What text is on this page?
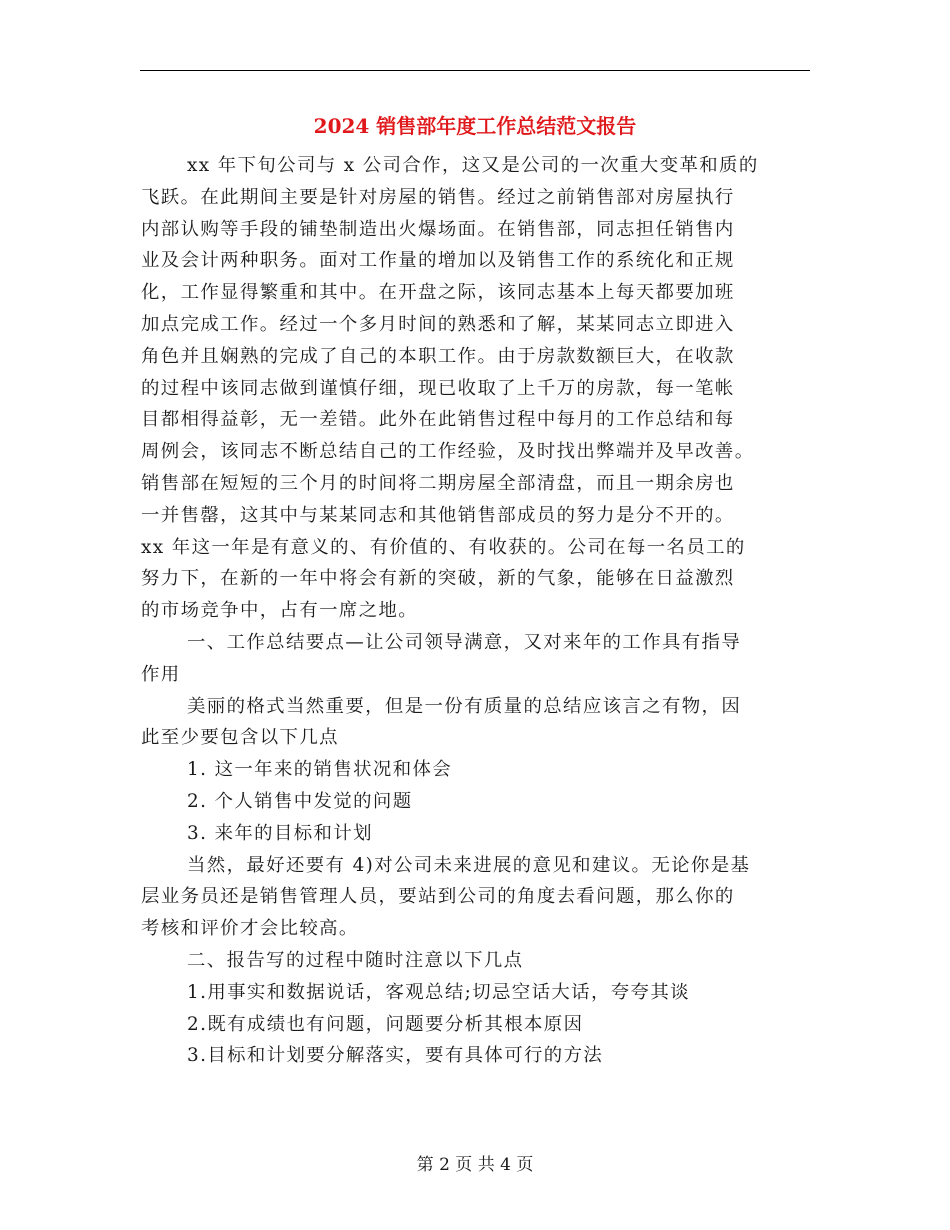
2024 销售部年度工作总结范文报告
xx 年下旬公司与 x 公司合作，这又是公司的一次重大变革和质的
飞跃。在此期间主要是针对房屋的销售。经过之前销售部对房屋执行
内部认购等手段的铺垫制造出火爆场面。在销售部，同志担任销售内
业及会计两种职务。面对工作量的增加以及销售工作的系统化和正规
化，工作显得繁重和其中。在开盘之际，该同志基本上每天都要加班
加点完成工作。经过一个多月时间的熟悉和了解，某某同志立即进入
角色并且娴熟的完成了自己的本职工作。由于房款数额巨大，在收款
的过程中该同志做到谨慎仔细，现已收取了上千万的房款，每一笔帐
目都相得益彰，无一差错。此外在此销售过程中每月的工作总结和每
周例会，该同志不断总结自己的工作经验，及时找出弊端并及早改善。
销售部在短短的三个月的时间将二期房屋全部清盘，而且一期余房也
一并售罄，这其中与某某同志和其他销售部成员的努力是分不开的。
xx 年这一年是有意义的、有价值的、有收获的。公司在每一名员工的
努力下，在新的一年中将会有新的突破，新的气象，能够在日益激烈
的市场竞争中，占有一席之地。
一、工作总结要点—让公司领导满意，又对来年的工作具有指导
作用
美丽的格式当然重要，但是一份有质量的总结应该言之有物，因
此至少要包含以下几点
1. 这一年来的销售状况和体会
2. 个人销售中发觉的问题
3. 来年的目标和计划
当然，最好还要有 4)对公司未来进展的意见和建议。无论你是基
层业务员还是销售管理人员，要站到公司的角度去看问题，那么你的
考核和评价才会比较高。
二、报告写的过程中随时注意以下几点
1.用事实和数据说话，客观总结;切忌空话大话，夸夸其谈
2.既有成绩也有问题，问题要分析其根本原因
3.目标和计划要分解落实，要有具体可行的方法
第 2 页 共 4 页
